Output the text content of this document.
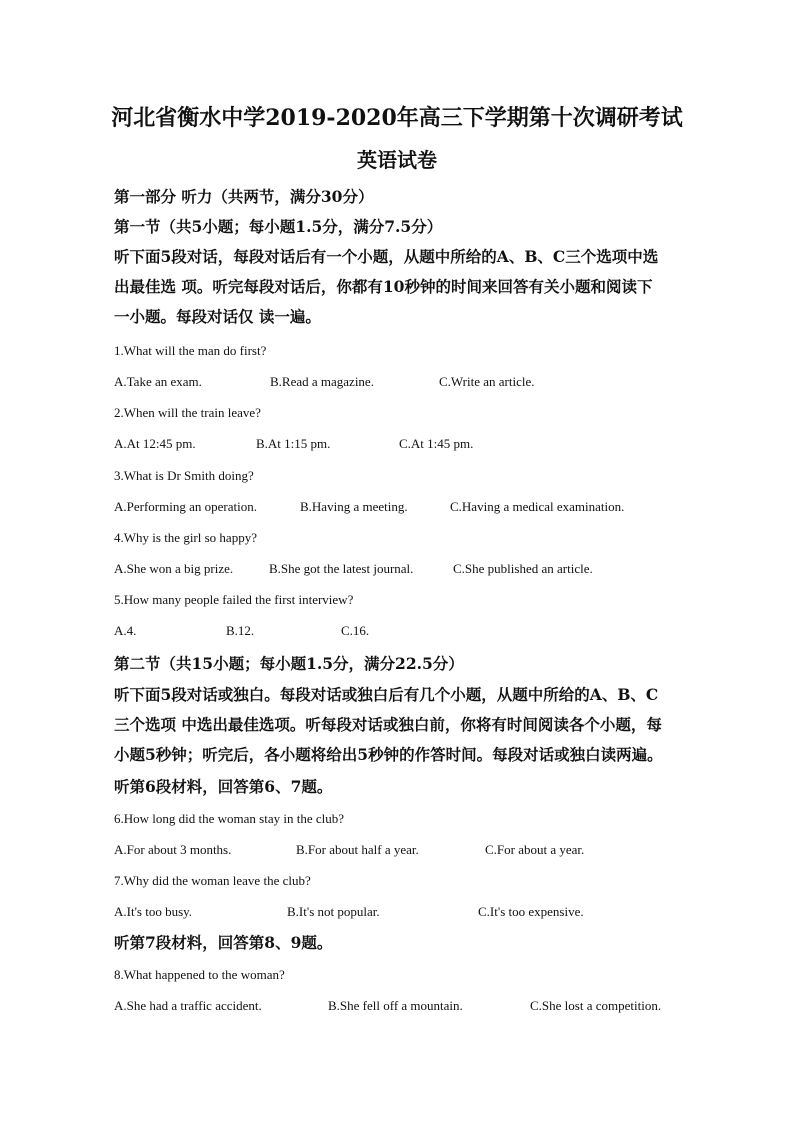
河北省衡水中学2019-2020年高三下学期第十次调研考试
英语试卷
第一部分 听力（共两节，满分30分）
第一节（共5小题；每小题1.5分，满分7.5分）
听下面5段对话，每段对话后有一个小题，从题中所给的A、B、C三个选项中选
出最佳选 项。听完每段对话后，你都有10秒钟的时间来回答有关小题和阅读下
一小题。每段对话仅 读一遍。
1.What will the man do first?
A.Take an exam.	B.Read a magazine.	C.Write an article.
2.When will the train leave?
A.At 12:45 pm.	B.At 1:15 pm.	C.At 1:45 pm.
3.What is Dr Smith doing?
A.Performing an operation.	B.Having a meeting.	C.Having a medical examination.
4.Why is the girl so happy?
A.She won a big prize.	B.She got the latest journal.	C.She published an article.
5.How many people failed the first interview?
A.4.	B.12.	C.16.
第二节（共15小题；每小题1.5分，满分22.5分）
听下面5段对话或独白。每段对话或独白后有几个小题，从题中所给的A、B、C
三个选项 中选出最佳选项。听每段对话或独白前，你将有时间阅读各个小题，每
小题5秒钟；听完后，各小题将给出5秒钟的作答时间。每段对话或独白读两遍。
听第6段材料，回答第6、7题。
6.How long did the woman stay in the club?
A.For about 3 months.	B.For about half a year.	C.For about a year.
7.Why did the woman leave the club?
A.It's too busy.	B.It's not popular.	C.It's too expensive.
听第7段材料，回答第8、9题。
8.What happened to the woman?
A.She had a traffic accident.	B.She fell off a mountain.	C.She lost a competition.
